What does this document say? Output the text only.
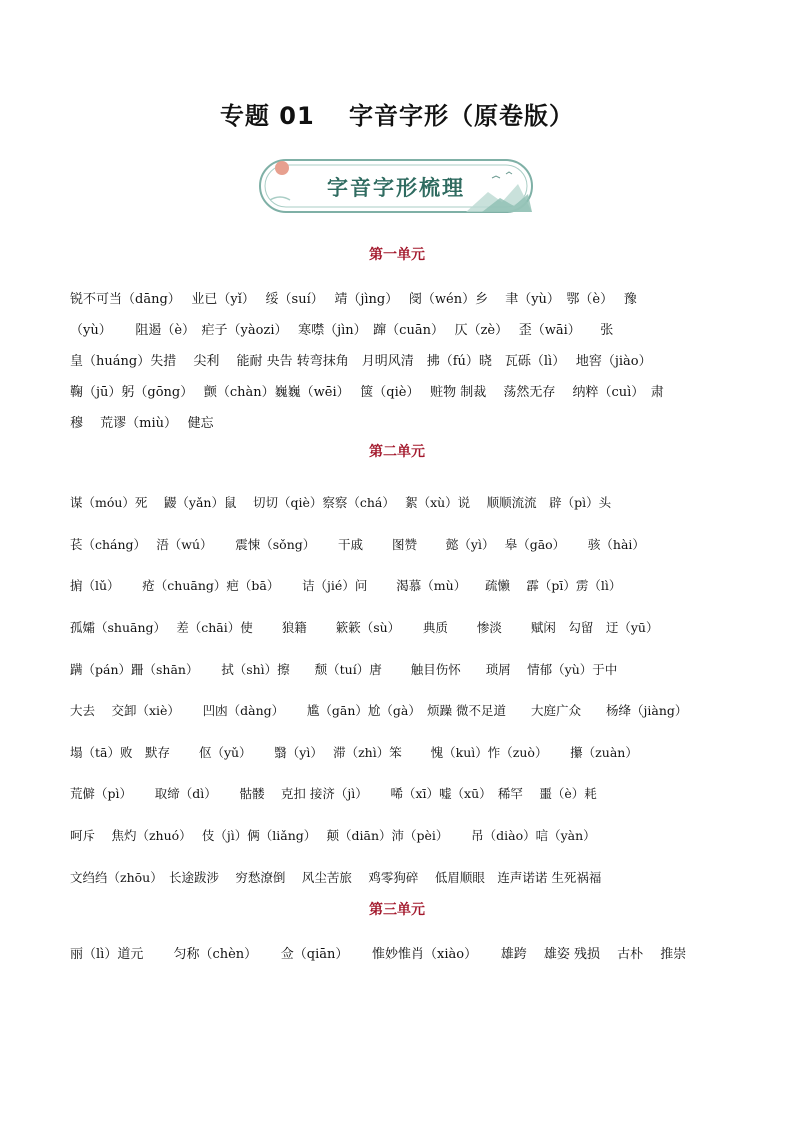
专题 01　 字音字形（原卷版）
字音字形梳理
第一单元
锐不可当（dāng）　 业已（yǐ）　 绥（suí）　 靖（jìng）　 阌（wén）乡　 聿（yù）　鄂（è）　 豫
（yù）　　 阻遏（è）　疟子（yàozi）　 寒噤（jìn）　蹿（cuān）　 仄（zè）　 歪（wāi）　　张
皇（huáng）失措　 尖利　 能耐 央告 转弯抹角　月明风清　拂（fú）晓　瓦砾（lì）　 地窖（jiào）
鞠（jū）躬（gōng）　 颤（chàn）巍巍（wēi）　 箧（qiè）　 赃物 制裁　 荡然无存　 纳粹（cuì）　肃
穆　 荒谬（miù）　 健忘
第二单元
谋（móu）死　 鼹（yǎn）鼠　 切切（qiè）察察（chá）　 絮（xù）说　 顺顺流流　辟（pì）头
苌（cháng）　 浯（wú）　　 震悚（sǒng）　　 干戚　　 图赞　　 懿（yì）　 皋（gāo）　　 骇（hài）
掮（lǔ）　　 疮（chuāng）疤（bā）　　 诘（jié）问　　 渴慕（mù）　　疏懒　 霹（pī）雳（lì）
孤孀（shuāng）　 差（chāi）使　　 狼籍　　 簌簌（sù）　　 典质　　 惨淡　　 赋闲　勾留　迂（yū）
蹒（pán）跚（shān）　　 拭（shì）擦　　颓（tuí）唐　　 触目伤怀　　琐屑　 情郁（yù）于中
大去　 交卸（xiè）　　 凹凼（dàng）　　 尴（gān）尬（gà）　烦躁 微不足道　　大庭广众　　杨绛（jiàng）
塌（tā）败　默存　　 伛（yǔ）　　 翳（yì）　 滞（zhì）笨　　 愧（kuì）怍（zuò）　　 攥（zuàn）
荒僻（pì）　　 取缔（dì）　　 骷髅　 克扣 接济（jì）　　 唏（xī）嘘（xū）　稀罕　 噩（è）耗
呵斥　 焦灼（zhuó）　 伎（jì）俩（liǎng）　 颠（diān）沛（pèi）　　 吊（diào）唁（yàn）
文绉绉（zhōu）　长途跋涉　 穷愁潦倒　 风尘苦旅　 鸡零狗碎　 低眉顺眼　连声诺诺 生死祸福
第三单元
丽（lì）道元　　 匀称（chèn）　　 佥（qiān）　　 惟妙惟肖（xiào）　　 雄跨　 雄姿 残损　 古朴　 推崇
